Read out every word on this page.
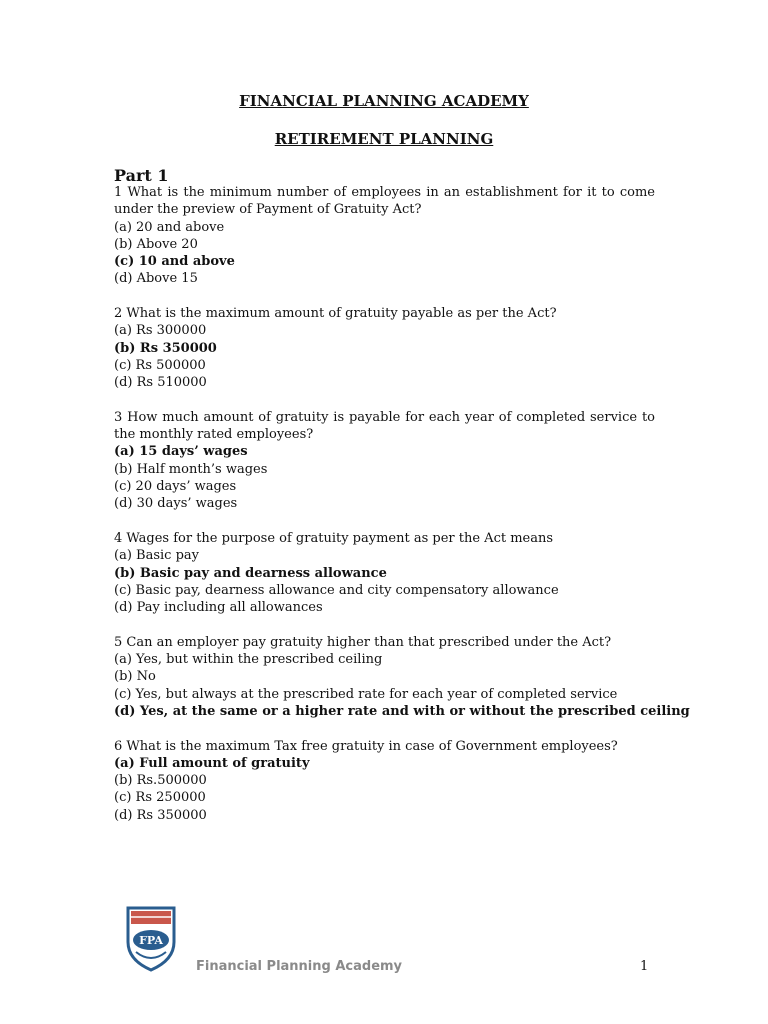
FINANCIAL PLANNING ACADEMY
RETIREMENT PLANNING
Part 1
1 What is the minimum number of employees in an establishment for it to come under the preview of Payment of Gratuity Act?
(a) 20 and above
(b) Above 20
(c) 10 and above
(d) Above 15
2 What is the maximum amount of gratuity payable as per the Act?
(a) Rs 300000
(b) Rs 350000
(c) Rs 500000
(d) Rs 510000
3 How much amount of gratuity is payable for each year of completed service to the monthly rated employees?
(a) 15 days’ wages
(b) Half month’s wages
(c) 20 days’ wages
(d) 30 days’ wages
4 Wages for the purpose of gratuity payment as per the Act means
(a) Basic pay
(b) Basic pay and dearness allowance
(c) Basic pay, dearness allowance and city compensatory allowance
(d) Pay including all allowances
5 Can an employer pay gratuity higher than that prescribed under the Act?
(a) Yes, but within the prescribed ceiling
(b) No
(c) Yes, but always at the prescribed rate for each year of completed service
(d) Yes, at the same or a higher rate and with or without the prescribed ceiling
6 What is the maximum Tax free gratuity in case of Government employees?
(a) Full amount of gratuity
(b) Rs.500000
(c) Rs 250000
(d) Rs 350000
FPA
Financial Planning Academy	1
